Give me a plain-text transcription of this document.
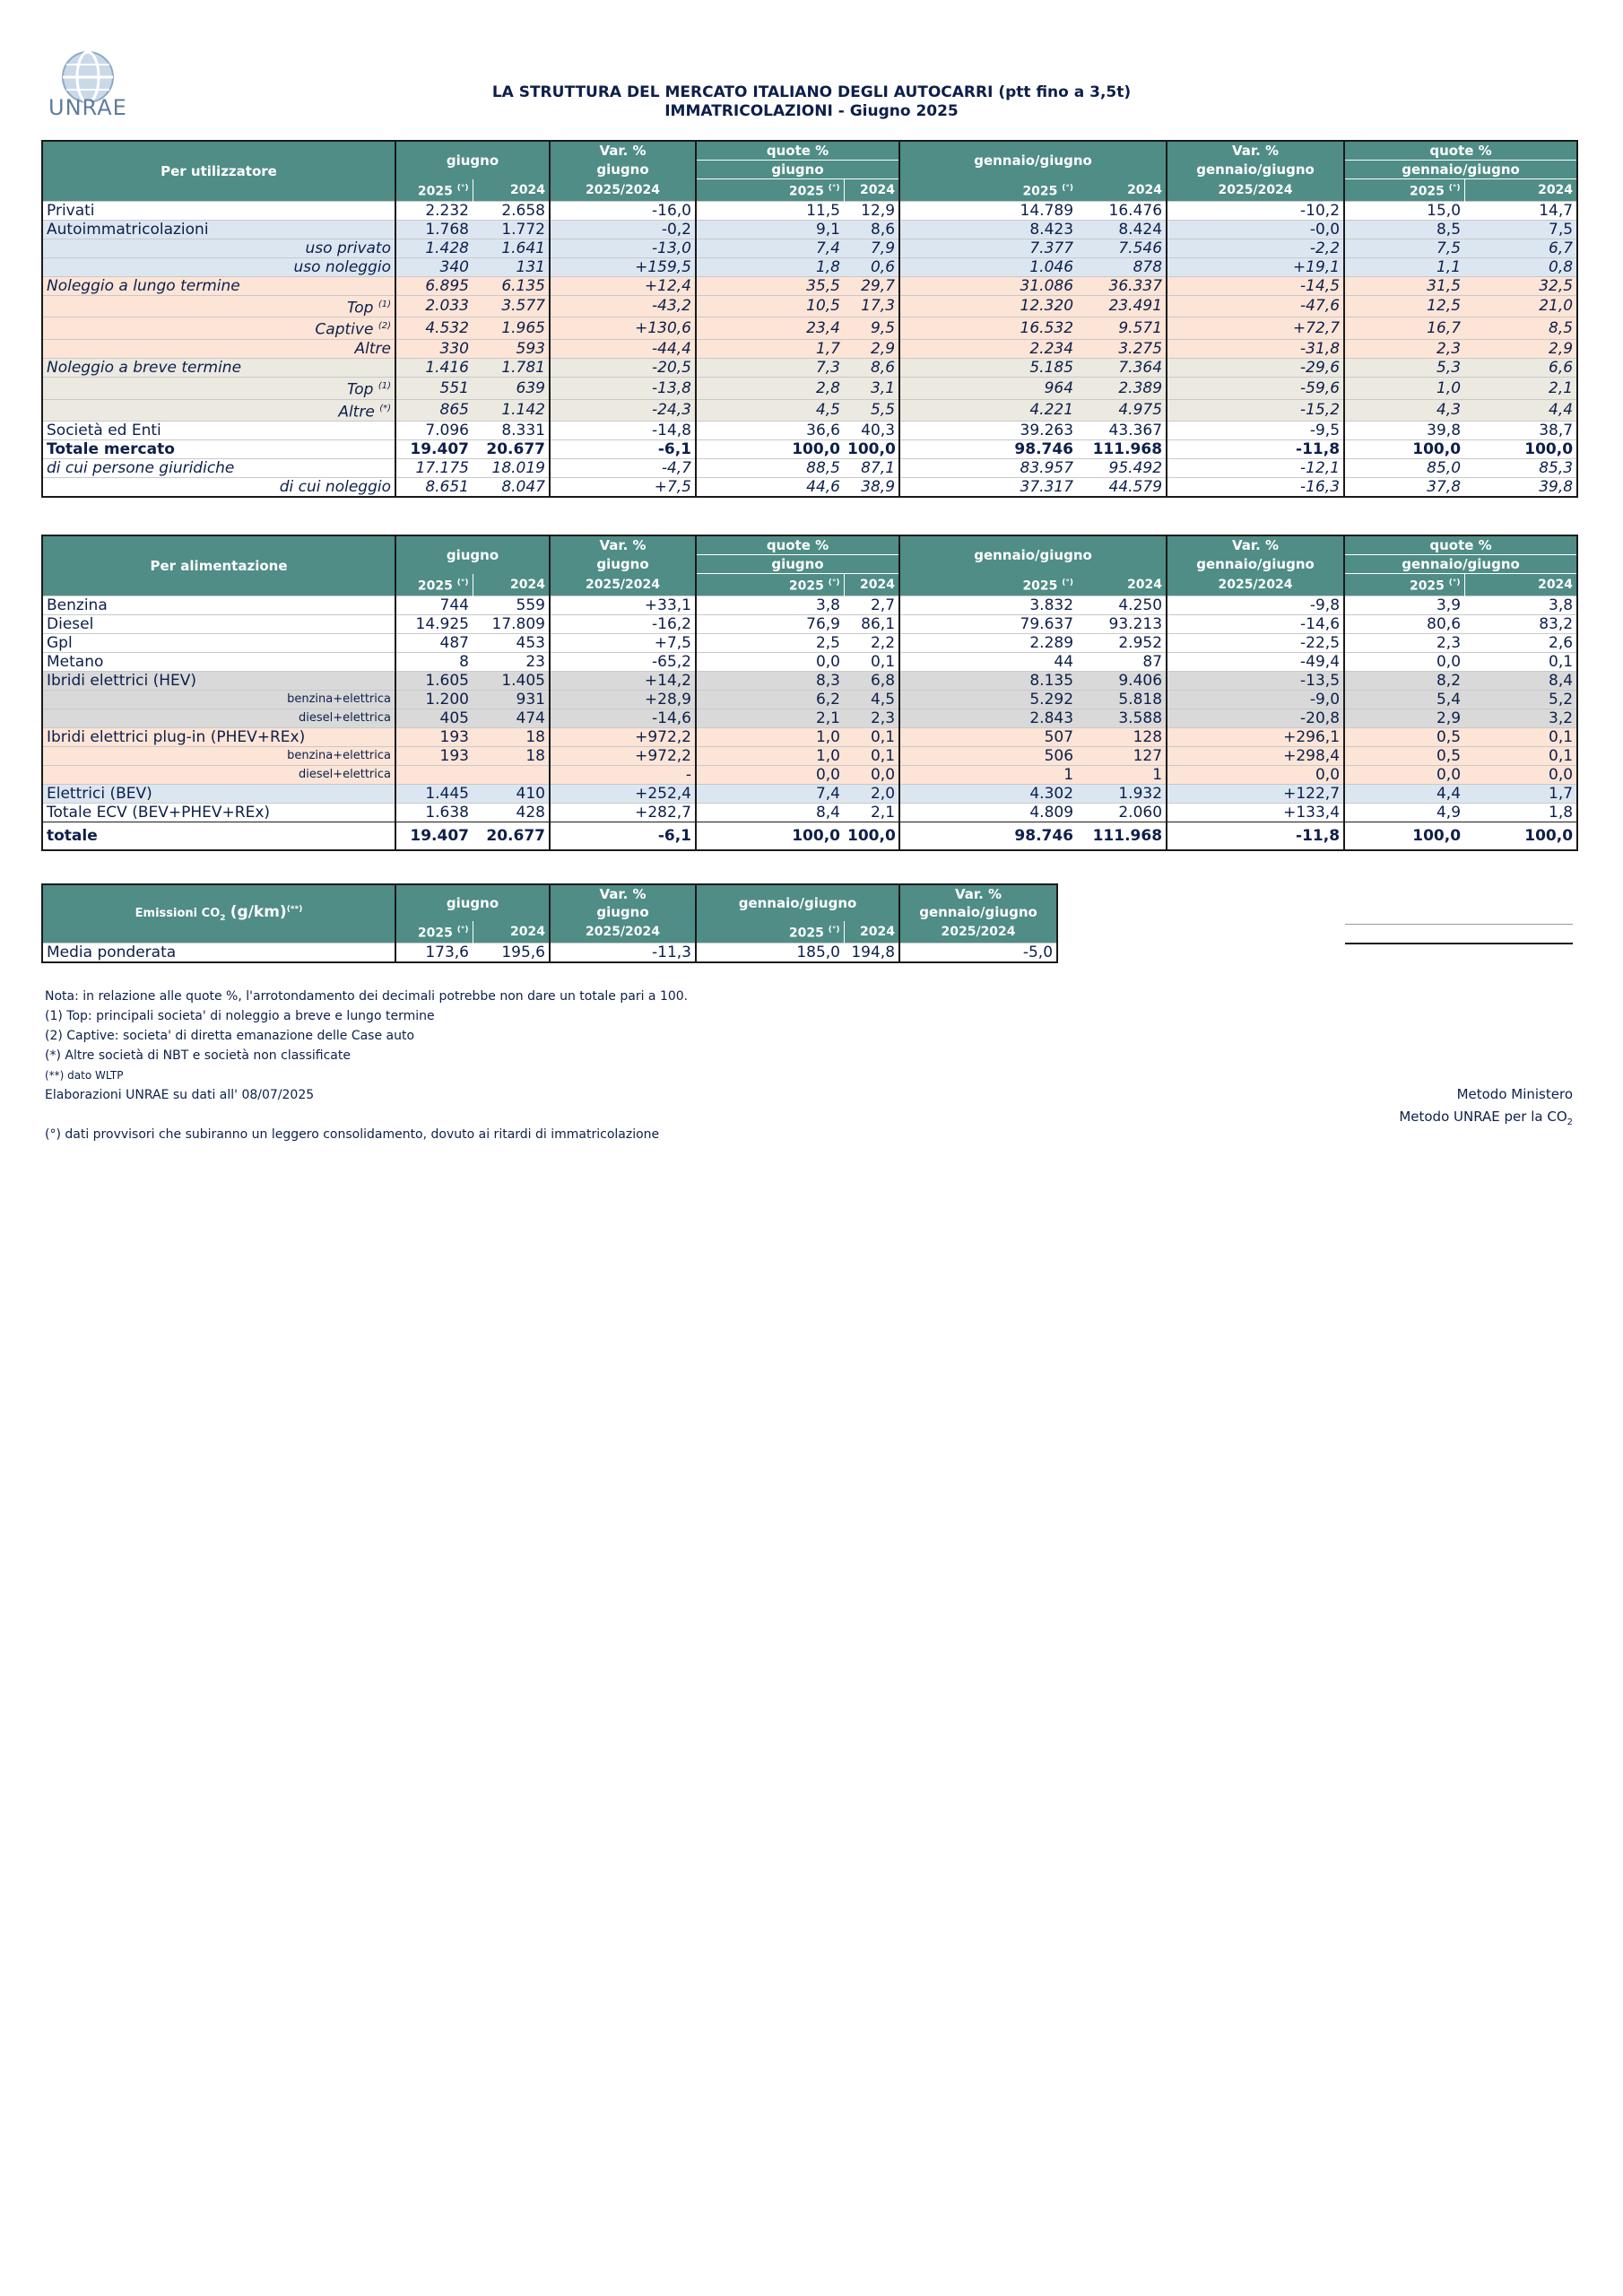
UNRAE
LA STRUTTURA DEL MERCATO ITALIANO DEGLI AUTOCARRI (ptt fino a 3,5t)
IMMATRICOLAZIONI - Giugno 2025
Per utilizzatore	giugno		Var. %	quote %		gennaio/giugno		Var. %	quote %	
			giugno	giugno				gennaio/giugno	gennaio/giugno	
	2025 (°)	2024	2025/2024	2025 (°)	2024	2025 (°)	2024	2025/2024	2025 (°)	2024
Privati	2.232	2.658	-16,0	11,5	12,9	14.789	16.476	-10,2	15,0	14,7
Autoimmatricolazioni	1.768	1.772	-0,2	9,1	8,6	8.423	8.424	-0,0	8,5	7,5
uso privato	1.428	1.641	-13,0	7,4	7,9	7.377	7.546	-2,2	7,5	6,7
uso noleggio	340	131	+159,5	1,8	0,6	1.046	878	+19,1	1,1	0,8
Noleggio a lungo termine	6.895	6.135	+12,4	35,5	29,7	31.086	36.337	-14,5	31,5	32,5
Top $^{(1)}$	2.033	3.577	-43,2	10,5	17,3	12.320	23.491	-47,6	12,5	21,0
Captive $^{(2)}$	4.532	1.965	+130,6	23,4	9,5	16.532	9.571	+72,7	16,7	8,5
Altre	330	593	-44,4	1,7	2,9	2.234	3.275	-31,8	2,3	2,9
Noleggio a breve termine	1.416	1.781	-20,5	7,3	8,6	5.185	7.364	-29,6	5,3	6,6
Top $^{(1)}$	551	639	-13,8	2,8	3,1	964	2.389	-59,6	1,0	2,1
Altre (*)	865	1.142	-24,3	4,5	5,5	4.221	4.975	-15,2	4,3	4,4
Società ed Enti	7.096	8.331	-14,8	36,6	40,3	39.263	43.367	-9,5	39,8	38,7
Totale mercato	19.407	20.677	-6,1	100,0	100,0	98.746	111.968	-11,8	100,0	100,0
di cui persone giuridiche	17.175	18.019	-4,7	88,5	87,1	83.957	95.492	-12,1	85,0	85,3
di cui noleggio	8.651	8.047	+7,5	44,6	38,9	37.317	44.579	-16,3	37,8	39,8
Per alimentazione	giugno		Var. %	quote %		gennaio/giugno		Var. %	quote %	
			giugno	giugno				gennaio/giugno	gennaio/giugno	
	2025 (°)	2024	2025/2024	2025 (°)	2024	2025 (°)	2024	2025/2024	2025 (°)	2024
Benzina	744	559	+33,1	3,8	2,7	3.832	4.250	-9,8	3,9	3,8
Diesel	14.925	17.809	-16,2	76,9	86,1	79.637	93.213	-14,6	80,6	83,2
Gpl	487	453	+7,5	2,5	2,2	2.289	2.952	-22,5	2,3	2,6
Metano	8	23	-65,2	0,0	0,1	44	87	-49,4	0,0	0,1
Ibridi elettrici (HEV)	1.605	1.405	+14,2	8,3	6,8	8.135	9.406	-13,5	8,2	8,4
benzina+elettrica	1.200	931	+28,9	6,2	4,5	5.292	5.818	-9,0	5,4	5,2
diesel+elettrica	405	474	-14,6	2,1	2,3	2.843	3.588	-20,8	2,9	3,2
Ibridi elettrici plug-in (PHEV+REx)	193	18	+972,2	1,0	0,1	507	128	+296,1	0,5	0,1
benzina+elettrica	193	18	+972,2	1,0	0,1	506	127	+298,4	0,5	0,1
diesel+elettrica			-	0,0	0,0	1	1	0,0	0,0	0,0
Elettrici (BEV)	1.445	410	+252,4	7,4	2,0	4.302	1.932	+122,7	4,4	1,7
Totale ECV (BEV+PHEV+REx)	1.638	428	+282,7	8,4	2,1	4.809	2.060	+133,4	4,9	1,8
totale	19.407	20.677	-6,1	100,0	100,0	98.746	111.968	-11,8	100,0	100,0
Emissioni $CO_2$ (g/km)(**)	giugno		Var. %	gennaio/giugno		Var. %
			giugno			gennaio/giugno
	2025 (°)	2024	2025/2024	2025 (°)	2024	2025/2024
Media ponderata	173,6	195,6	-11,3	185,0	194,8	-5,0
Nota: in relazione alle quote %, l'arrotondamento dei decimali potrebbe non dare un totale pari a 100.
(1) Top: principali societa' di noleggio a breve e lungo termine
(2) Captive: societa' di diretta emanazione delle Case auto
(*) Altre società di NBT e società non classificate
(**) dato WLTP
Elaborazioni UNRAE su dati all' 08/07/2025
(°) dati provvisori che subiranno un leggero consolidamento, dovuto ai ritardi di immatricolazione
Metodo Ministero
Metodo UNRAE per la $CO_2$
